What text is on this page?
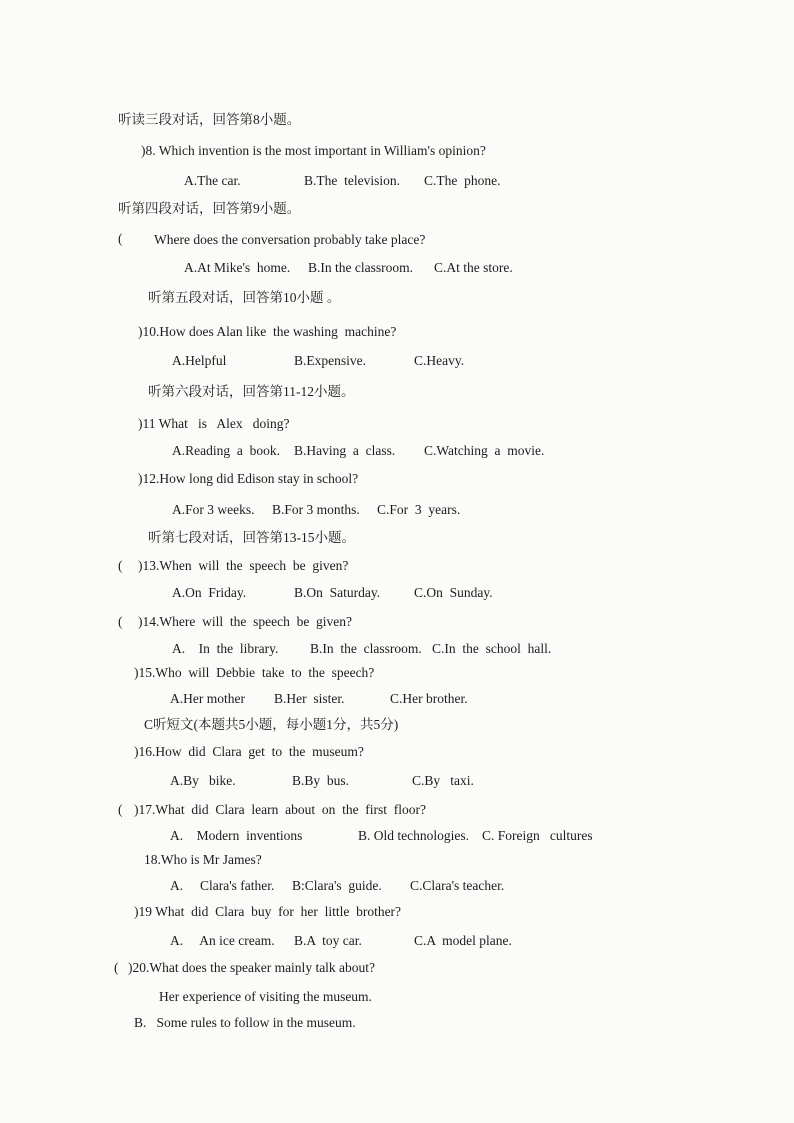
听读三段对话，回答第8小题。
)8. Which invention is the most important in William's opinion?
A.The car.	B.The  television. C.The  phone.
听第四段对话，回答第9小题。
( Where does the conversation probably take place?
A.At Mike's  home. B.In the classroom. C.At the store.
听第五段对话，回答第10小题 。
)10.How does Alan like  the washing  machine?
A.Helpful	B.Expensive.	C.Heavy.
听第六段对话，回答第11-12小题。
)11 What   is   Alex   doing?
A.Reading  a  book. B.Having  a  class. C.Watching  a  movie.
)12.How long did Edison stay in school?
A.For 3 weeks. B.For 3 months. C.For  3  years.
听第七段对话，回答第13-15小题。
( )13.When  will  the  speech  be  given?
A.On  Friday.	B.On  Saturday.	C.On  Sunday.
( )14.Where  will  the  speech  be  given?
A.    In  the  library. B.In  the  classroom. C.In  the  school  hall.
)15.Who  will  Debbie  take  to  the  speech?
A.Her mother B.Her  sister.	C.Her brother.
C听短文(本题共5小题，每小题1分，共5分)
)16.How  did  Clara  get  to  the  museum?
A.By   bike.	B.By  bus.	C.By   taxi.
( )17.What  did  Clara  learn  about  on  the  first  floor?
A.    Modern  inventions	B. Old technologies. C. Foreign   cultures
18.Who is Mr James?
A.     Clara's father. B:Clara's  guide. C.Clara's teacher.
)19 What  did  Clara  buy  for  her  little  brother?
A.     An ice cream. B.A  toy car.	C.A  model plane.
( )20.What does the speaker mainly talk about?
Her experience of visiting the museum.
B.   Some rules to follow in the museum.
